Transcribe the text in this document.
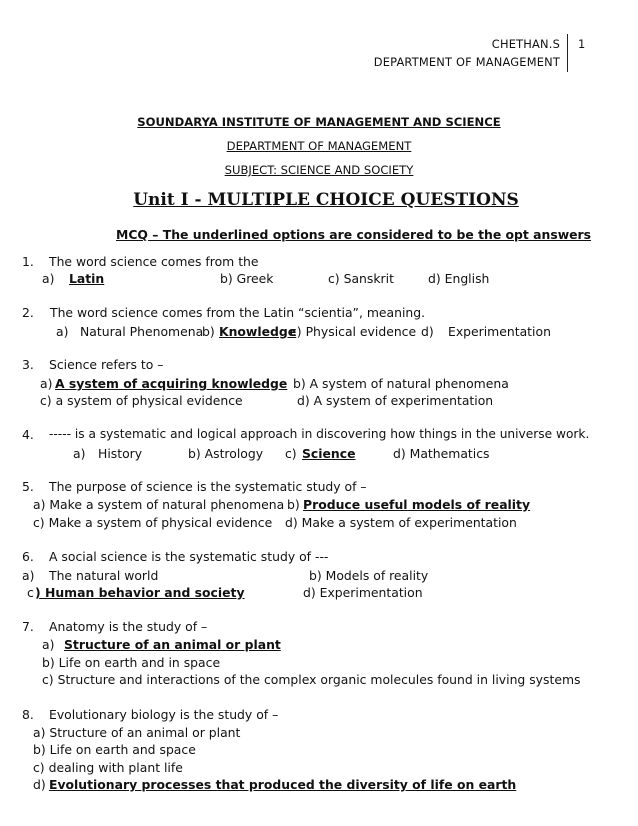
CHETHAN.S
DEPARTMENT OF MANAGEMENT
1
SOUNDARYA INSTITUTE OF MANAGEMENT AND SCIENCE
DEPARTMENT OF MANAGEMENT
SUBJECT: SCIENCE AND SOCIETY
Unit I - MULTIPLE CHOICE QUESTIONS
MCQ – The underlined options are considered to be the opt answers
1. The word science comes from the
a) Latin	b) Greek	c) Sanskrit	d) English
2. The word science comes from the Latin “scientia”, meaning.
a) Natural Phenomena
b) Knowledge
c) Physical evidence d) Experimentation
3. Science refers to –
a) A system of acquiring knowledge b) A system of natural phenomena
c) a system of physical evidence	d) A system of experimentation
4. ----- is a systematic and logical approach in discovering how things in the universe work.
a) History	b) Astrology c) Science	d) Mathematics
5. The purpose of science is the systematic study of –
a) Make a system of natural phenomena b) Produce useful models of reality
c) Make a system of physical evidence d) Make a system of experimentation
6. A social science is the systematic study of ---
a) The natural world	b) Models of reality
c ) Human behavior and society	d) Experimentation
7. Anatomy is the study of –
a) Structure of an animal or plant
b) Life on earth and in space
c) Structure and interactions of the complex organic molecules found in living systems
8. Evolutionary biology is the study of –
a) Structure of an animal or plant
b) Life on earth and space
c) dealing with plant life
d) Evolutionary processes that produced the diversity of life on earth
